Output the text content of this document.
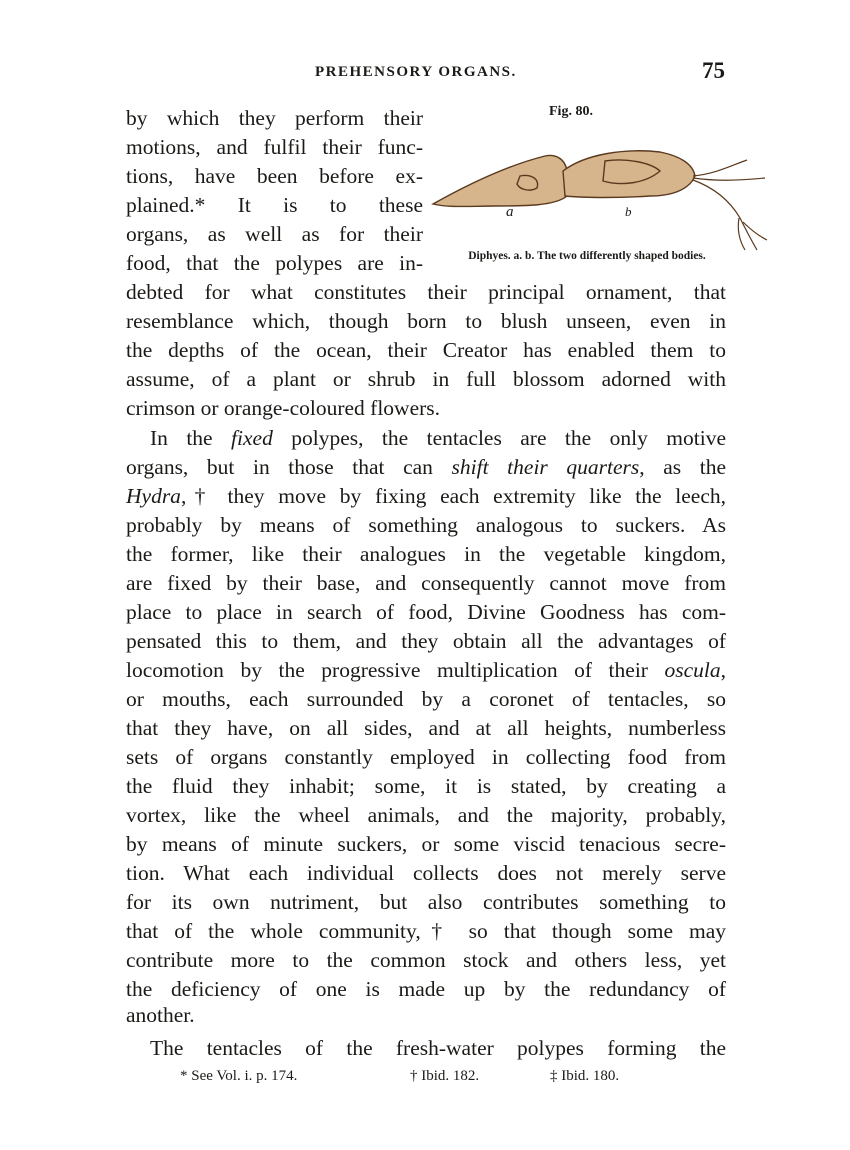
PREHENSORY ORGANS.	75
Fig. 80.
a	b
Diphyes. a. b. The two differently shaped bodies.
by which they perform their
motions, and fulfil their func-
tions, have been before ex-
plained.* It is to these
organs, as well as for their
food, that the polypes are in-
debted for what constitutes their principal ornament, that
resemblance which, though born to blush unseen, even in
the depths of the ocean, their Creator has enabled them to
assume, of a plant or shrub in full blossom adorned with
crimson or orange-coloured flowers.
In the fixed polypes, the tentacles are the only motive
organs, but in those that can shift their quarters, as the
Hydra,† they move by fixing each extremity like the leech,
probably by means of something analogous to suckers. As
the former, like their analogues in the vegetable kingdom,
are fixed by their base, and consequently cannot move from
place to place in search of food, Divine Goodness has com-
pensated this to them, and they obtain all the advantages of
locomotion by the progressive multiplication of their oscula,
or mouths, each surrounded by a coronet of tentacles, so
that they have, on all sides, and at all heights, numberless
sets of organs constantly employed in collecting food from
the fluid they inhabit; some, it is stated, by creating a
vortex, like the wheel animals, and the majority, probably,
by means of minute suckers, or some viscid tenacious secre-
tion. What each individual collects does not merely serve
for its own nutriment, but also contributes something to
that of the whole community,† so that though some may
contribute more to the common stock and others less, yet
the deficiency of one is made up by the redundancy of
another.
The tentacles of the fresh-water polypes forming the
* See Vol. i. p. 174.	† Ibid. 182.	‡ Ibid. 180.
